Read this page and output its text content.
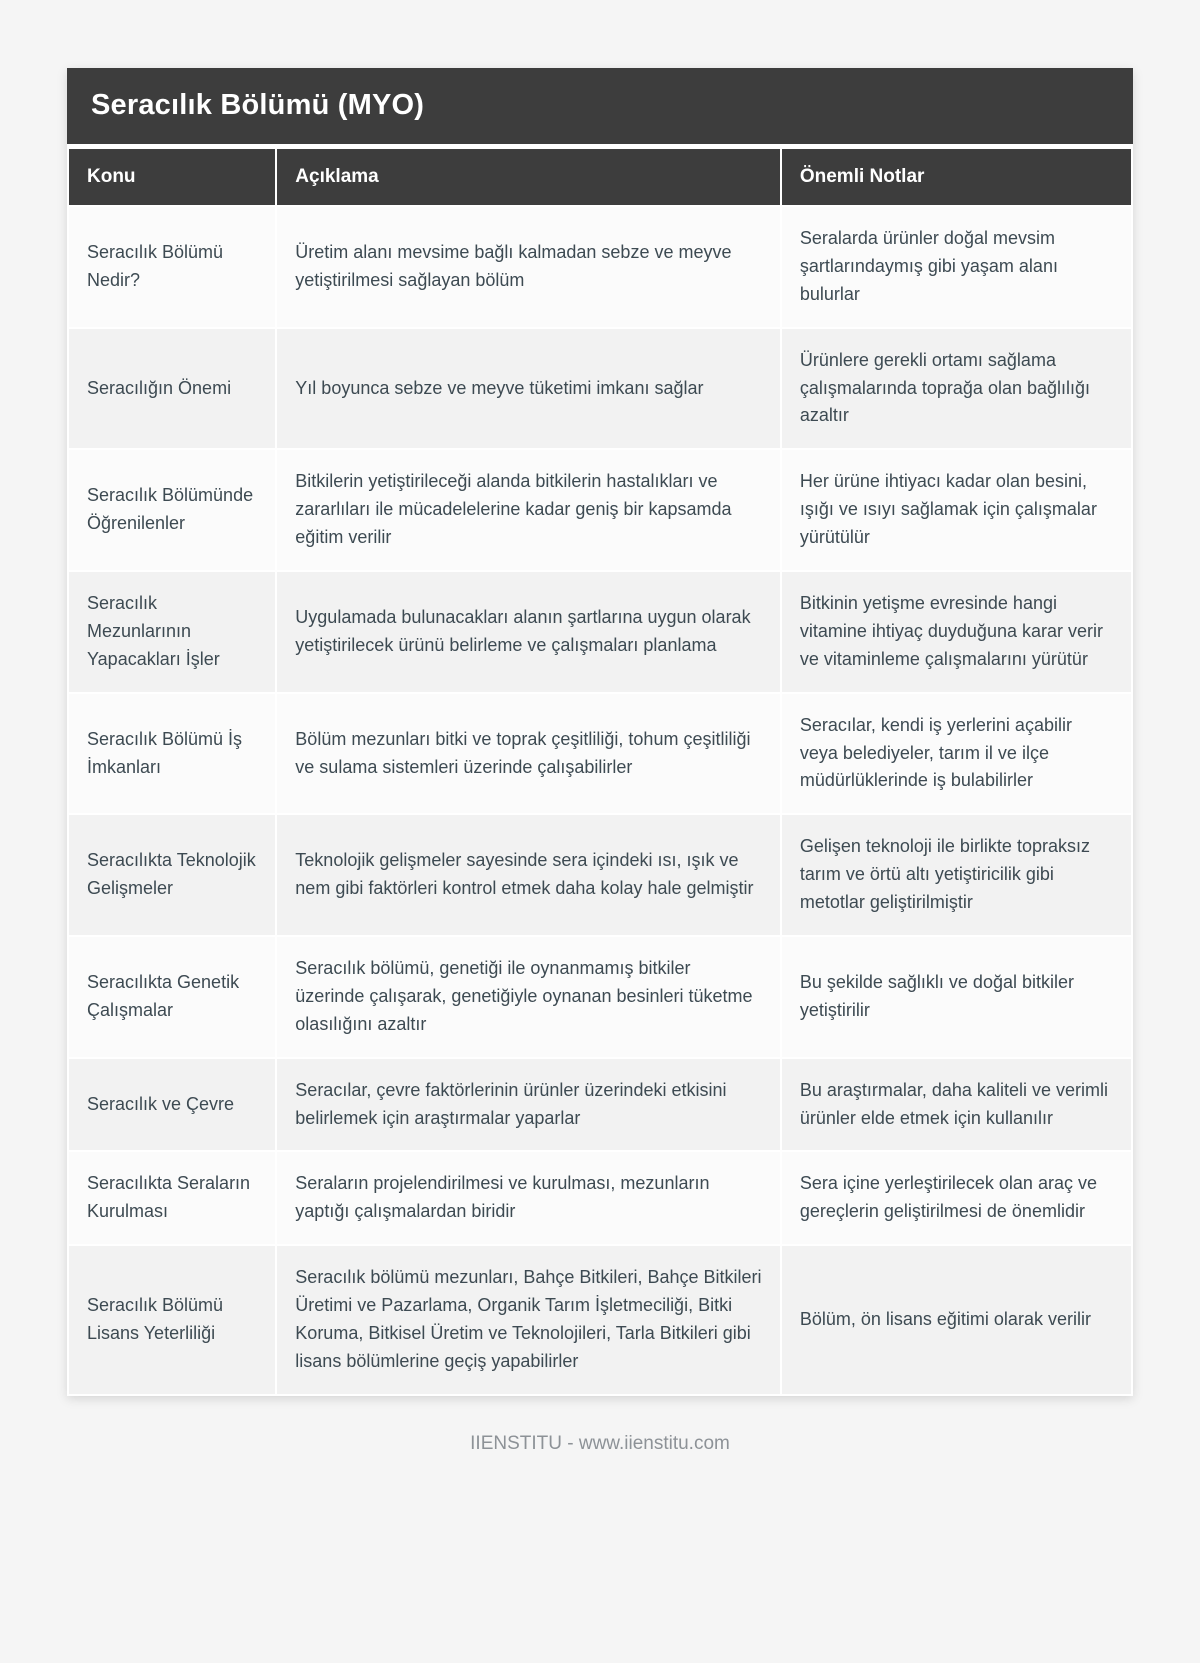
Seracılık Bölümü (MYO)
Konu	Açıklama	Önemli Notlar
Seracılık Bölümü Nedir?	Üretim alanı mevsime bağlı kalmadan sebze ve meyve yetiştirilmesi sağlayan bölüm	Seralarda ürünler doğal mevsim şartlarındaymış gibi yaşam alanı bulurlar
Seracılığın Önemi	Yıl boyunca sebze ve meyve tüketimi imkanı sağlar	Ürünlere gerekli ortamı sağlama çalışmalarında toprağa olan bağlılığı azaltır
Seracılık Bölümünde Öğrenilenler	Bitkilerin yetiştirileceği alanda bitkilerin hastalıkları ve zararlıları ile mücadelelerine kadar geniş bir kapsamda eğitim verilir	Her ürüne ihtiyacı kadar olan besini, ışığı ve ısıyı sağlamak için çalışmalar yürütülür
Seracılık Mezunlarının Yapacakları İşler	Uygulamada bulunacakları alanın şartlarına uygun olarak yetiştirilecek ürünü belirleme ve çalışmaları planlama	Bitkinin yetişme evresinde hangi vitamine ihtiyaç duyduğuna karar verir ve vitaminleme çalışmalarını yürütür
Seracılık Bölümü İş İmkanları	Bölüm mezunları bitki ve toprak çeşitliliği, tohum çeşitliliği ve sulama sistemleri üzerinde çalışabilirler	Seracılar, kendi iş yerlerini açabilir veya belediyeler, tarım il ve ilçe müdürlüklerinde iş bulabilirler
Seracılıkta Teknolojik Gelişmeler	Teknolojik gelişmeler sayesinde sera içindeki ısı, ışık ve nem gibi faktörleri kontrol etmek daha kolay hale gelmiştir	Gelişen teknoloji ile birlikte topraksız tarım ve örtü altı yetiştiricilik gibi metotlar geliştirilmiştir
Seracılıkta Genetik Çalışmalar	Seracılık bölümü, genetiği ile oynanmamış bitkiler üzerinde çalışarak, genetiğiyle oynanan besinleri tüketme olasılığını azaltır	Bu şekilde sağlıklı ve doğal bitkiler yetiştirilir
Seracılık ve Çevre	Seracılar, çevre faktörlerinin ürünler üzerindeki etkisini belirlemek için araştırmalar yaparlar	Bu araştırmalar, daha kaliteli ve verimli ürünler elde etmek için kullanılır
Seracılıkta Seraların Kurulması	Seraların projelendirilmesi ve kurulması, mezunların yaptığı çalışmalardan biridir	Sera içine yerleştirilecek olan araç ve gereçlerin geliştirilmesi de önemlidir
Seracılık Bölümü Lisans Yeterliliği	Seracılık bölümü mezunları, Bahçe Bitkileri, Bahçe Bitkileri Üretimi ve Pazarlama, Organik Tarım İşletmeciliği, Bitki Koruma, Bitkisel Üretim ve Teknolojileri, Tarla Bitkileri gibi lisans bölümlerine geçiş yapabilirler	Bölüm, ön lisans eğitimi olarak verilir
IIENSTITU - www.iienstitu.com
